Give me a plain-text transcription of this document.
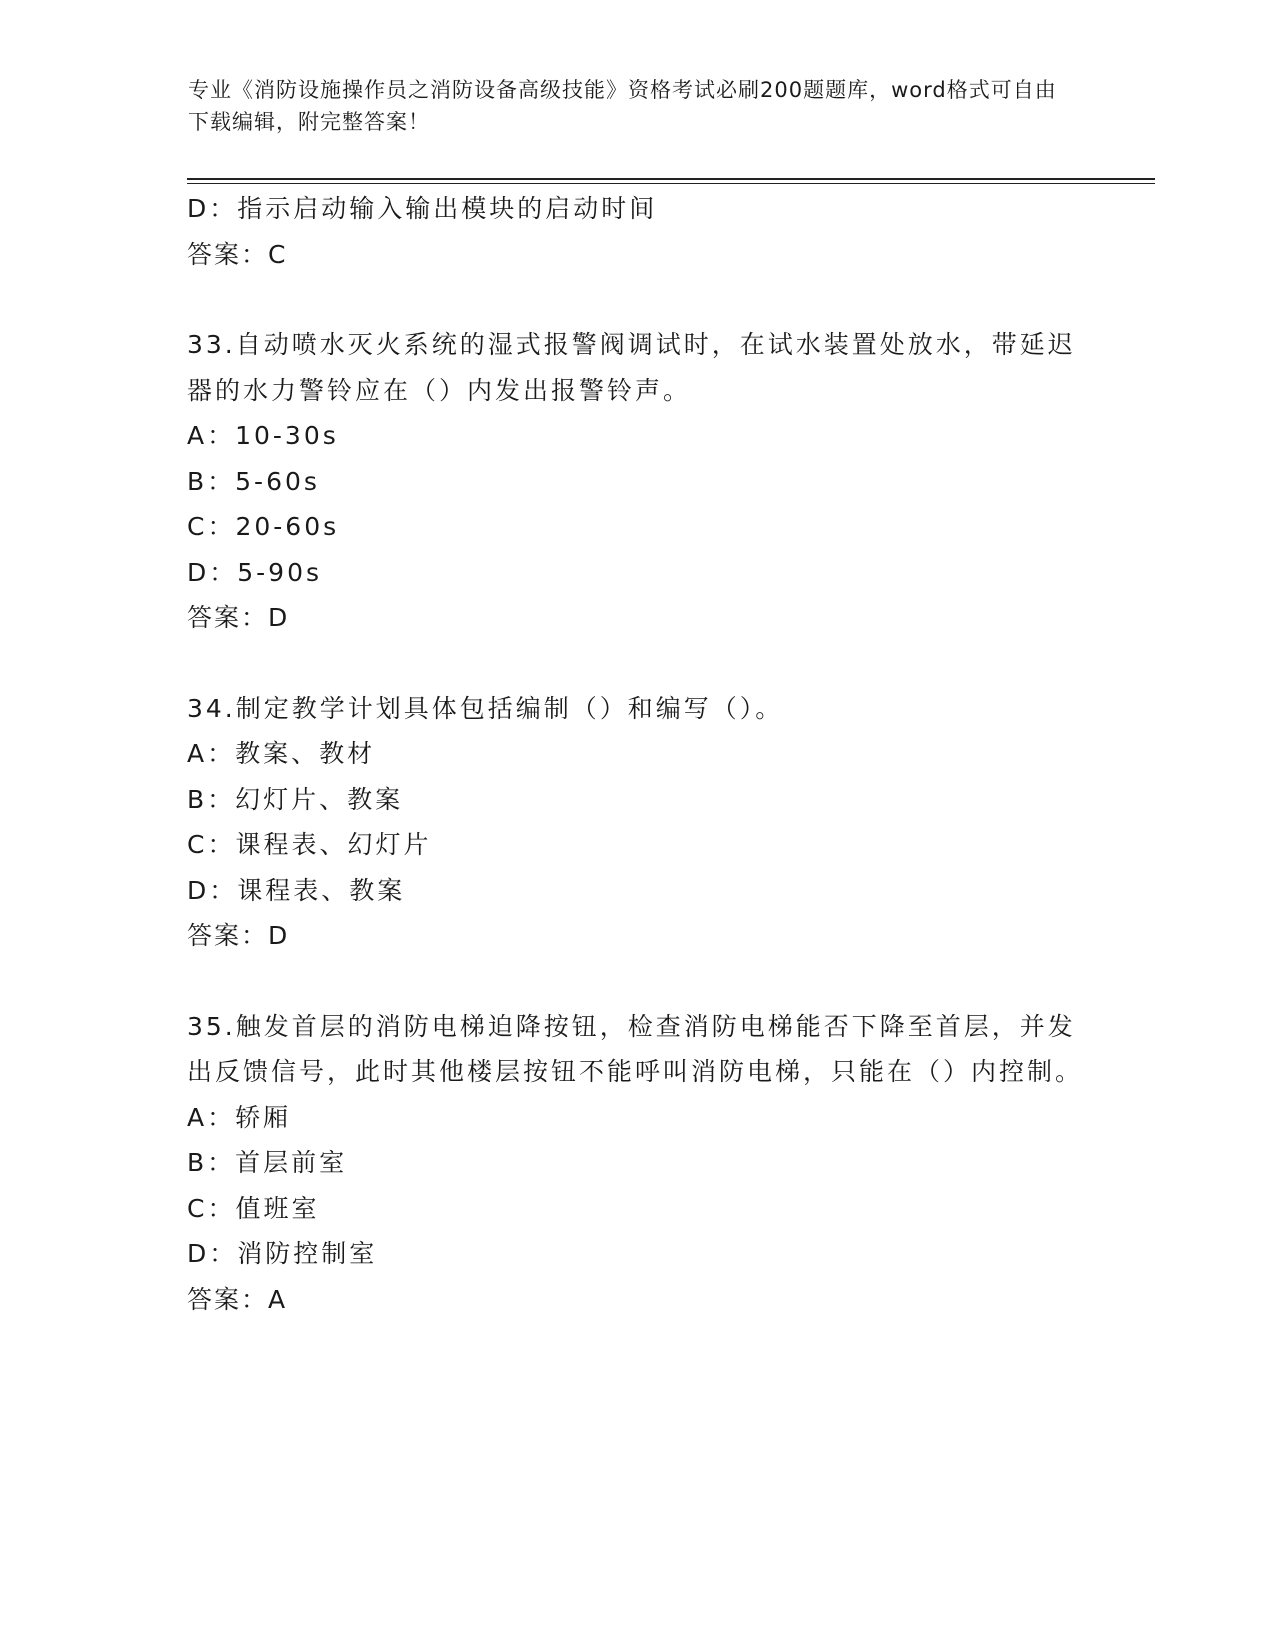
专业《消防设施操作员之消防设备高级技能》资格考试必刷200题题库，word格式可自由下载编辑，附完整答案！
D：指示启动输入输出模块的启动时间
答案：C
33.自动喷水灭火系统的湿式报警阀调试时，在试水装置处放水，带延迟器的水力警铃应在（）内发出报警铃声。
A：10-30s
B：5-60s
C：20-60s
D：5-90s
答案：D
34.制定教学计划具体包括编制（）和编写（）。
A：教案、教材
B：幻灯片、教案
C：课程表、幻灯片
D：课程表、教案
答案：D
35.触发首层的消防电梯迫降按钮，检查消防电梯能否下降至首层，并发出反馈信号，此时其他楼层按钮不能呼叫消防电梯，只能在（）内控制。
A：轿厢
B：首层前室
C：值班室
D：消防控制室
答案：A
